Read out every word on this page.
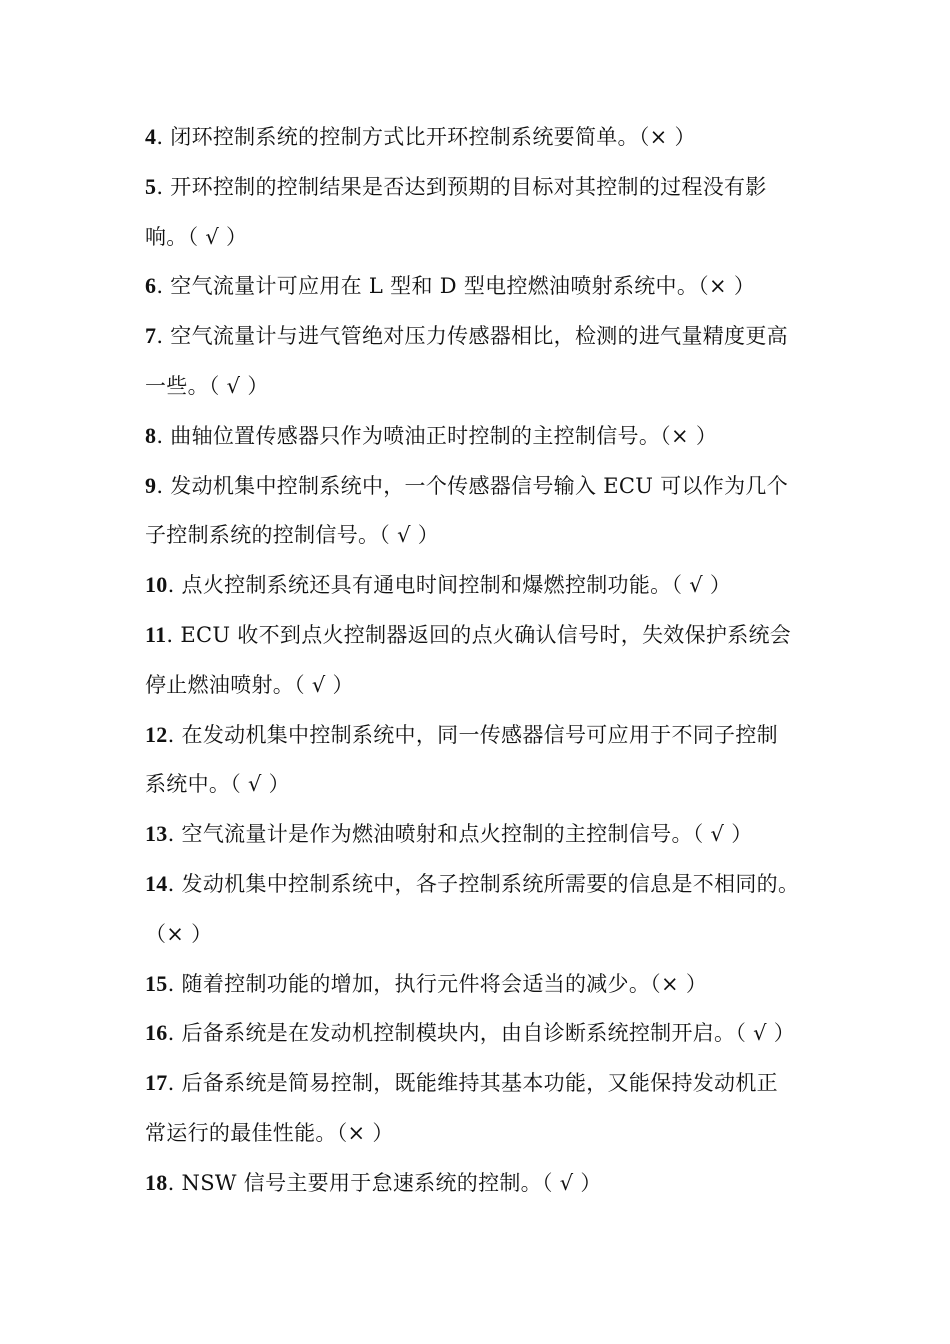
4. 闭环控制系统的控制方式比开环控制系统要简单。（× ）
5. 开环控制的控制结果是否达到预期的目标对其控制的过程没有影
响。（ √ ）
6. 空气流量计可应用在 L 型和 D 型电控燃油喷射系统中。（× ）
7. 空气流量计与进气管绝对压力传感器相比，检测的进气量精度更高
一些。（ √ ）
8. 曲轴位置传感器只作为喷油正时控制的主控制信号。（× ）
9. 发动机集中控制系统中，一个传感器信号输入 ECU 可以作为几个
子控制系统的控制信号。（ √ ）
10. 点火控制系统还具有通电时间控制和爆燃控制功能。（ √ ）
11. ECU 收不到点火控制器返回的点火确认信号时，失效保护系统会
停止燃油喷射。（ √ ）
12. 在发动机集中控制系统中，同一传感器信号可应用于不同子控制
系统中。（ √ ）
13. 空气流量计是作为燃油喷射和点火控制的主控制信号。（ √ ）
14. 发动机集中控制系统中，各子控制系统所需要的信息是不相同的。
（× ）
15. 随着控制功能的增加，执行元件将会适当的减少。（× ）
16. 后备系统是在发动机控制模块内，由自诊断系统控制开启。（ √ ）
17. 后备系统是简易控制，既能维持其基本功能，又能保持发动机正
常运行的最佳性能。（× ）
18. NSW 信号主要用于怠速系统的控制。（ √ ）
